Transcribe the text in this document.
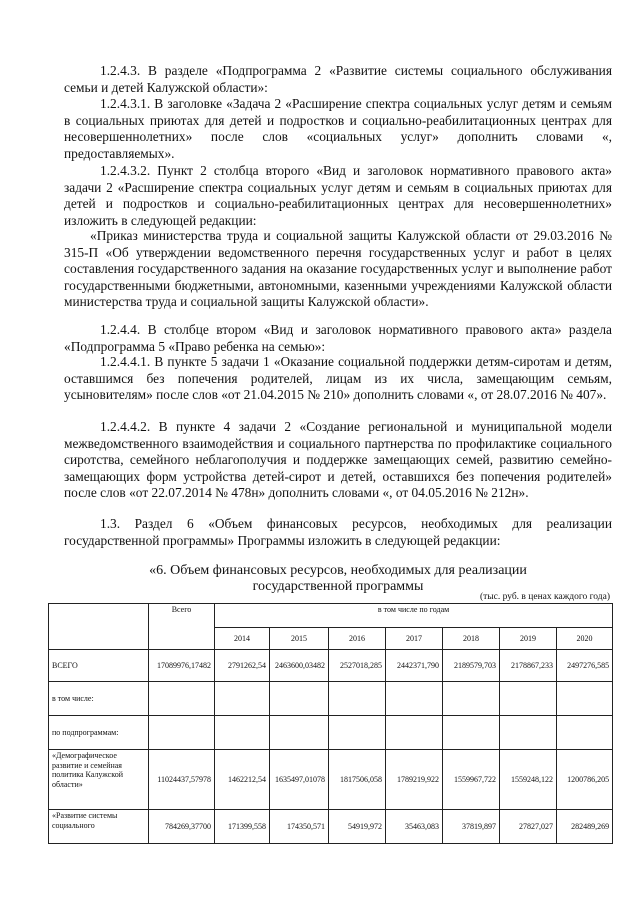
1.2.4.3. В разделе «Подпрограмма 2 «Развитие системы социального обслуживания семьи и детей Калужской области»:

1.2.4.3.1. В заголовке «Задача 2 «Расширение спектра социальных услуг детям и семьям в социальных приютах для детей и подростков и социально-реабилитационных центрах для несовершеннолетних» после слов «социальных услуг» дополнить словами «, предоставляемых».

1.2.4.3.2. Пункт 2 столбца второго «Вид и заголовок нормативного правового акта» задачи 2 «Расширение спектра социальных услуг детям и семьям в социальных приютах для детей и подростков и социально-реабилитационных центрах для несовершеннолетних» изложить в следующей редакции:

«Приказ министерства труда и социальной защиты Калужской области от 29.03.2016 № 315-П «Об утверждении ведомственного перечня государственных услуг и работ в целях составления государственного задания на оказание государственных услуг и выполнение работ государственными бюджетными, автономными, казенными учреждениями Калужской области министерства труда и социальной защиты Калужской области».

1.2.4.4. В столбце втором «Вид и заголовок нормативного правового акта» раздела «Подпрограмма 5 «Право ребенка на семью»:

1.2.4.4.1. В пункте 5 задачи 1 «Оказание социальной поддержки детям-сиротам и детям, оставшимся без попечения родителей, лицам из их числа, замещающим семьям, усыновителям» после слов «от 21.04.2015 № 210» дополнить словами «, от 28.07.2016 № 407».

1.2.4.4.2. В пункте 4 задачи 2 «Создание региональной и муниципальной модели межведомственного взаимодействия и социального партнерства по профилактике социального сиротства, семейного неблагополучия и поддержке замещающих семей, развитию семейно-замещающих форм устройства детей-сирот и детей, оставшихся без попечения родителей» после слов «от 22.07.2014 № 478н» дополнить словами «, от 04.05.2016 № 212н».

1.3. Раздел 6 «Объем финансовых ресурсов, необходимых для реализации государственной программы» Программы изложить в следующей редакции:

«6. Объем финансовых ресурсов, необходимых для реализации

государственной программы

(тыс. руб. в ценах каждого года)
	Всего	в том числе по годам						
		2014	2015	2016	2017	2018	2019	2020
ВСЕГО	17089976,17482	2791262,54	2463600,03482	2527018,285	2442371,790	2189579,703	2178867,233	2497276,585
в том числе:								
по подпрограммам:								
«Демографическое развитие и семейная политика Калужской области»	11024437,57978	1462212,54	1635497,01078	1817506,058	1789219,922	1559967,722	1559248,122	1200786,205
«Развитие системы социального	784269,37700	171399,558	174350,571	54919,972	35463,083	37819,897	27827,027	282489,269
